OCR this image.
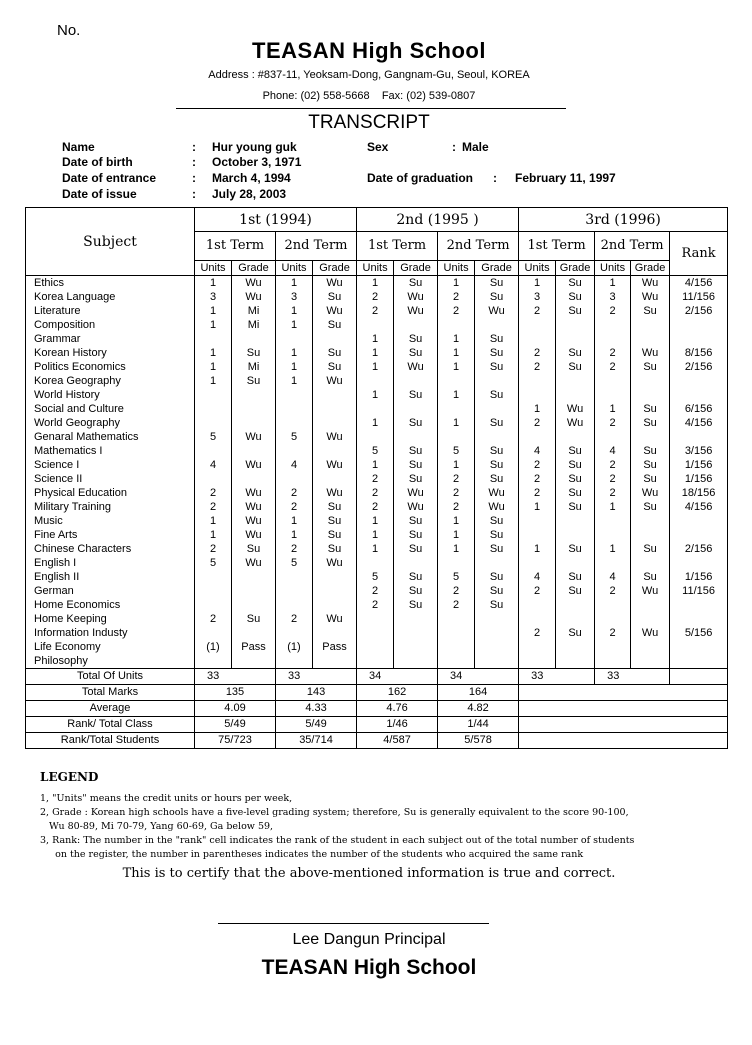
No.
TEASAN High School
Address : #837-11, Yeoksam-Dong, Gangnam-Gu, Seoul, KOREA
Phone: (02) 558-5668    Fax: (02) 539-0807
TRANSCRIPT
Name	: Hur young guk	Sex	: Male
Date of birth	: October 3, 1971
Date of entrance	: March 4, 1994	Date of graduation : February 11, 1997
Date of issue	: July 28, 2003
Subject	1st (1994)				2nd (1995 )				3rd (1996)				
	1st Term		2nd Term		1st Term		2nd Term		1st Term		2nd Term		Rank
	Units	Grade	Units	Grade	Units	Grade	Units	Grade	Units	Grade	Units	Grade	
Ethics	1	Wu	1	Wu	1	Su	1	Su	1	Su	1	Wu	4/156
Korea Language	3	Wu	3	Su	2	Wu	2	Su	3	Su	3	Wu	11/156
Literature	1	Mi	1	Wu	2	Wu	2	Wu	2	Su	2	Su	2/156
Composition	1	Mi	1	Su									
Grammar					1	Su	1	Su					
Korean History	1	Su	1	Su	1	Su	1	Su	2	Su	2	Wu	8/156
Politics Economics	1	Mi	1	Su	1	Wu	1	Su	2	Su	2	Su	2/156
Korea Geography	1	Su	1	Wu									
World History					1	Su	1	Su					
Social and Culture									1	Wu	1	Su	6/156
World Geography					1	Su	1	Su	2	Wu	2	Su	4/156
Genaral Mathematics	5	Wu	5	Wu									
Mathematics I					5	Su	5	Su	4	Su	4	Su	3/156
Science I	4	Wu	4	Wu	1	Su	1	Su	2	Su	2	Su	1/156
Science II					2	Su	2	Su	2	Su	2	Su	1/156
Physical Education	2	Wu	2	Wu	2	Wu	2	Wu	2	Su	2	Wu	18/156
Military Training	2	Wu	2	Su	2	Wu	2	Wu	1	Su	1	Su	4/156
Music	1	Wu	1	Su	1	Su	1	Su					
Fine Arts	1	Wu	1	Su	1	Su	1	Su					
Chinese Characters	2	Su	2	Su	1	Su	1	Su	1	Su	1	Su	2/156
English I	5	Wu	5	Wu									
English II					5	Su	5	Su	4	Su	4	Su	1/156
German					2	Su	2	Su	2	Su	2	Wu	11/156
Home Economics					2	Su	2	Su					
Home Keeping	2	Su	2	Wu									
Information Industy									2	Su	2	Wu	5/156
Life Economy	(1)	Pass	(1)	Pass									
Philosophy													
Total Of Units	33		33		34		34		33		33		
Total Marks	135		143		162		164						
Average	4.09		4.33		4.76		4.82						
Rank/ Total Class	5/49		5/49		1/46		1/44						
Rank/Total Students	75/723		35/714		4/587		5/578						
LEGEND
1, "Units" means the credit units or hours per week,
2, Grade : Korean high schools have a five-level grading system; therefore, Su is generally equivalent to the score 90-100,
Wu 80-89, Mi 70-79, Yang 60-69, Ga below 59,
3, Rank: The number in the "rank" cell indicates the rank of the student in each subject out of the total number of students
on the register, the number in parentheses indicates the number of the students who acquired the same rank
This is to certify that the above-mentioned information is true and correct.
Lee Dangun Principal
TEASAN High School
